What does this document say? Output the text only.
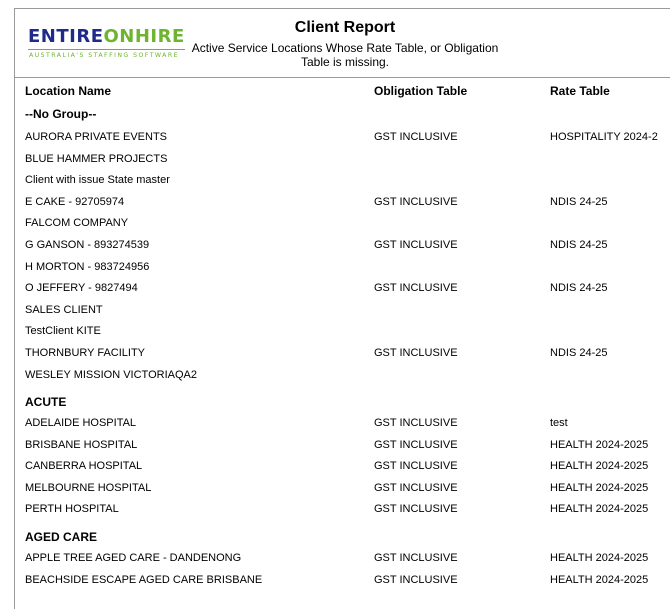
ENTIREONHIRE
AUSTRALIA'S STAFFING SOFTWARE
Client Report
Active Service Locations Whose Rate Table, or Obligation Table is missing.
Location Name	Obligation Table	Rate Table
--No Group--
AURORA PRIVATE EVENTS	GST INCLUSIVE	HOSPITALITY 2024-2
BLUE HAMMER PROJECTS
Client with issue State master
E CAKE - 92705974	GST INCLUSIVE	NDIS 24-25
FALCOM COMPANY
G GANSON - 893274539	GST INCLUSIVE	NDIS 24-25
H MORTON - 983724956
O JEFFERY - 9827494	GST INCLUSIVE	NDIS 24-25
SALES CLIENT
TestClient KITE
THORNBURY FACILITY	GST INCLUSIVE	NDIS 24-25
WESLEY MISSION VICTORIAQA2
ACUTE
ADELAIDE HOSPITAL	GST INCLUSIVE	test
BRISBANE HOSPITAL	GST INCLUSIVE	HEALTH 2024-2025
CANBERRA HOSPITAL	GST INCLUSIVE	HEALTH 2024-2025
MELBOURNE HOSPITAL	GST INCLUSIVE	HEALTH 2024-2025
PERTH HOSPITAL	GST INCLUSIVE	HEALTH 2024-2025
AGED CARE
APPLE TREE AGED CARE - DANDENONG	GST INCLUSIVE	HEALTH 2024-2025
BEACHSIDE ESCAPE AGED CARE BRISBANE	GST INCLUSIVE	HEALTH 2024-2025
